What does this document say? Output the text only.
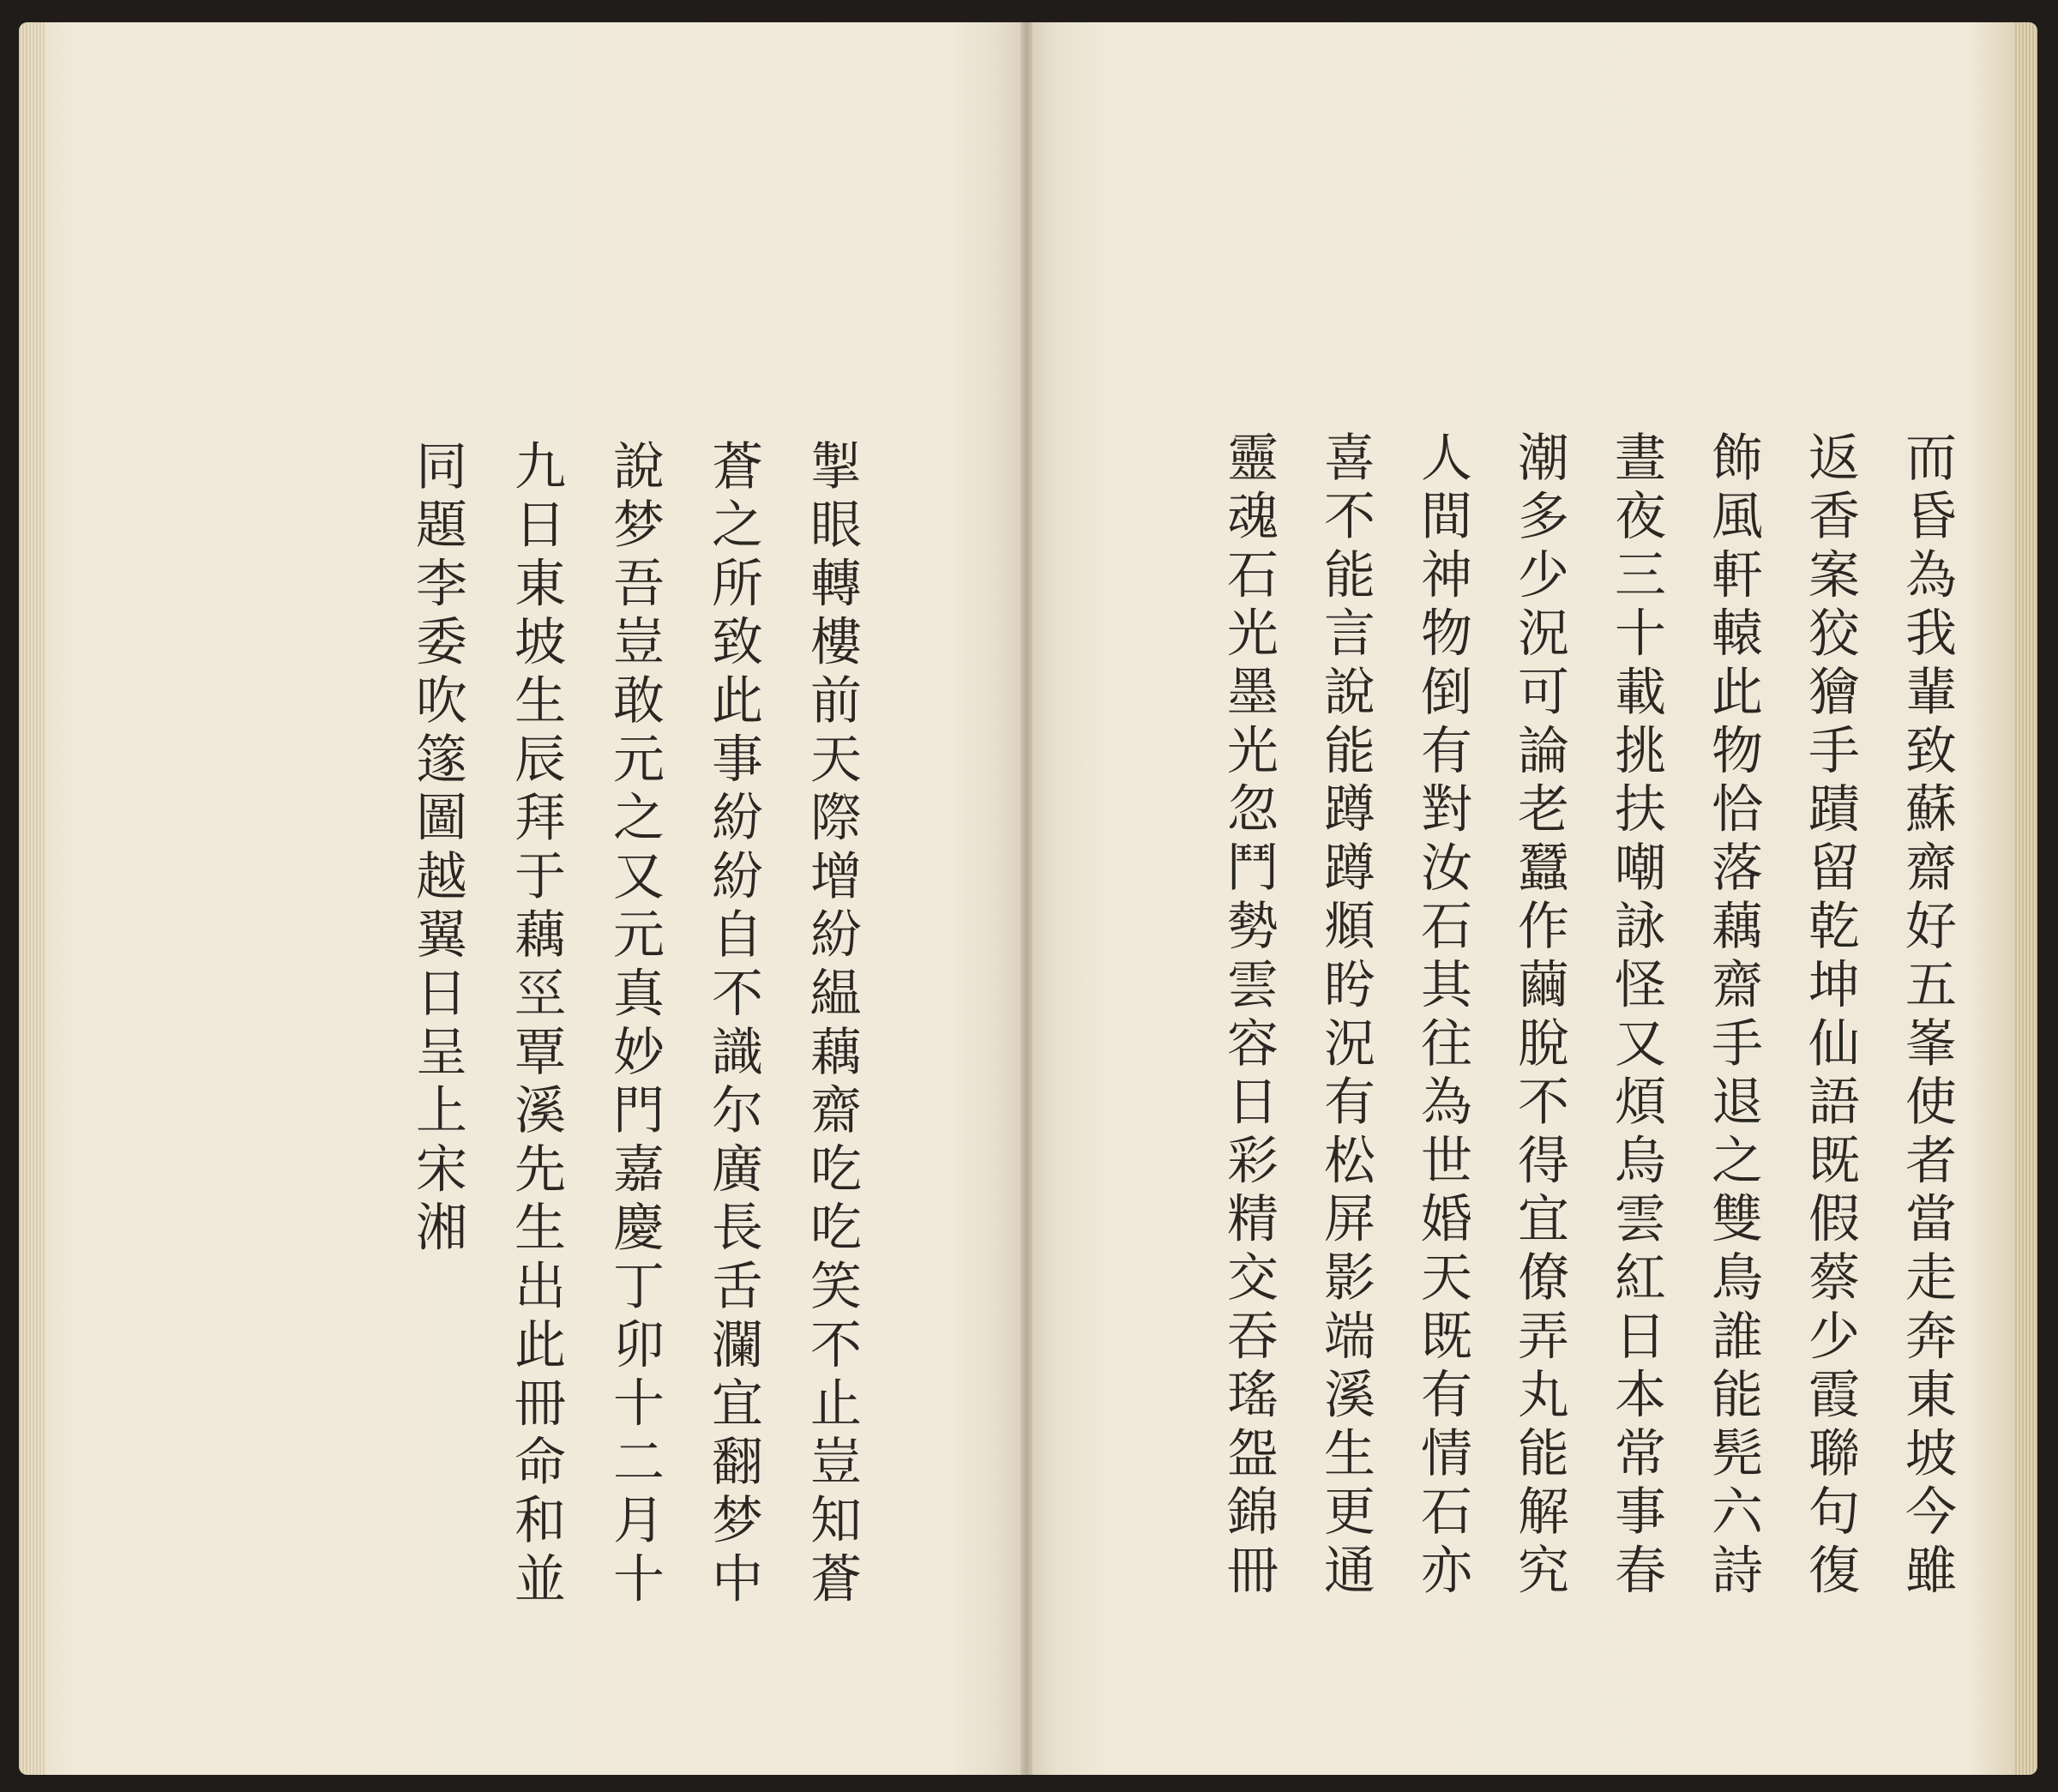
掣眼轉樓前天際增紛緼藕齋吃吃笑不止豈知蒼
蒼之所致此事紛紛自不識尔廣長舌瀾宜翻梦中
說梦吾豈敢元之又元真妙門嘉慶丁卯十二月十
九日東坡生辰拜于藕巠覃溪先生出此冊命和並
同題李委吹篴圖越翼日呈上宋湘	而昏為我輩致蘇齋好五峯使者當走奔東坡今雖
返香案狡獪手蹟留乾坤仙語既假蔡少霞聯句復
飾風軒轅此物恰落藕齋手退之雙鳥誰能髡六詩
晝夜三十載挑扶嘲詠怪又煩烏雲紅日本常事春
潮多少況可論老蠶作繭脫不得宜僚弄丸能解究
人間神物倒有對汝石其往為世婚天既有情石亦
喜不能言說能蹲蹲頫盻況有松屏影端溪生更通
靈魂石光墨光忽鬥勢雲容日彩精交吞瑤盌錦冊
